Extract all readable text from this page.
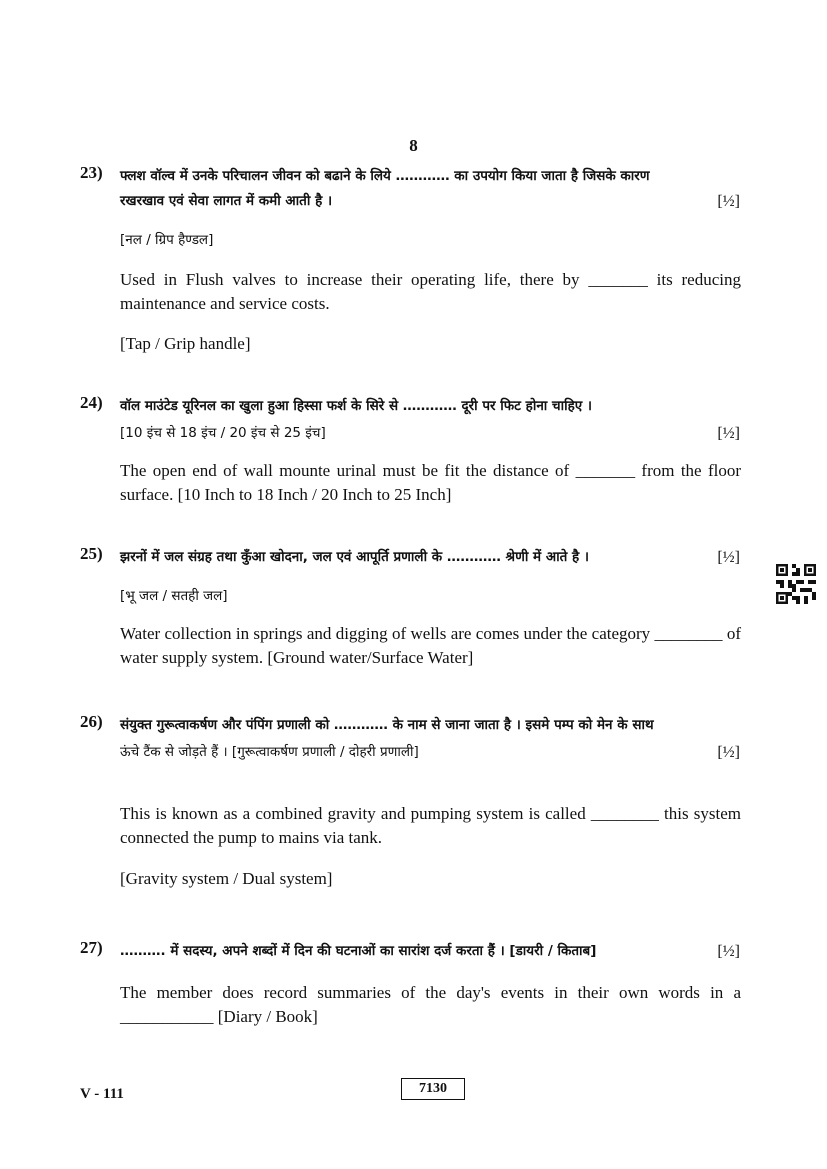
8
23)	फ्लश वॉल्व में उनके परिचालन जीवन को बढाने के लिये ………… का उपयोग किया जाता है जिसके कारण
रखरखाव एवं सेवा लागत में कमी आती है ।	[½]
[नल / ग्रिप हैण्डल]
Used in Flush valves to increase their operating life, there by _______ its reducing maintenance and service costs.
[Tap / Grip handle]
24)	वॉल माउंटेड यूरिनल का खुला हुआ हिस्सा फर्श के सिरे से ………… दूरी पर फिट होना चाहिए ।
[10 इंच से 18 इंच / 20 इंच से 25 इंच]	[½]
The open end of wall mounte urinal must be fit the distance of _______ from the floor surface. [10 Inch to 18 Inch / 20 Inch to 25 Inch]
25)	झरनों में जल संग्रह तथा कुँआ खोदना, जल एवं आपूर्ति प्रणाली के ………… श्रेणी में आते है ।	[½]
[भू जल / सतही जल]
Water collection in springs and digging of wells are comes under the category ________ of water supply system. [Ground water/Surface Water]
26)	संयुक्त गुरूत्वाकर्षण और पंपिंग प्रणाली को ………… के नाम से जाना जाता है । इसमे पम्प को मेन के साथ
ऊंचे टैंक से जोड़ते हैं । [गुरूत्वाकर्षण प्रणाली / दोहरी प्रणाली]	[½]
This is known as a combined gravity and pumping system is called ________ this system connected the pump to mains via tank.
[Gravity system / Dual system]
27)	………. में सदस्य, अपने शब्दों में दिन की घटनाओं का सारांश दर्ज करता हैं । [डायरी / किताब]	[½]
The member does record summaries of the day's events in their own words in a ___________ [Diary / Book]
V - 111	7130
